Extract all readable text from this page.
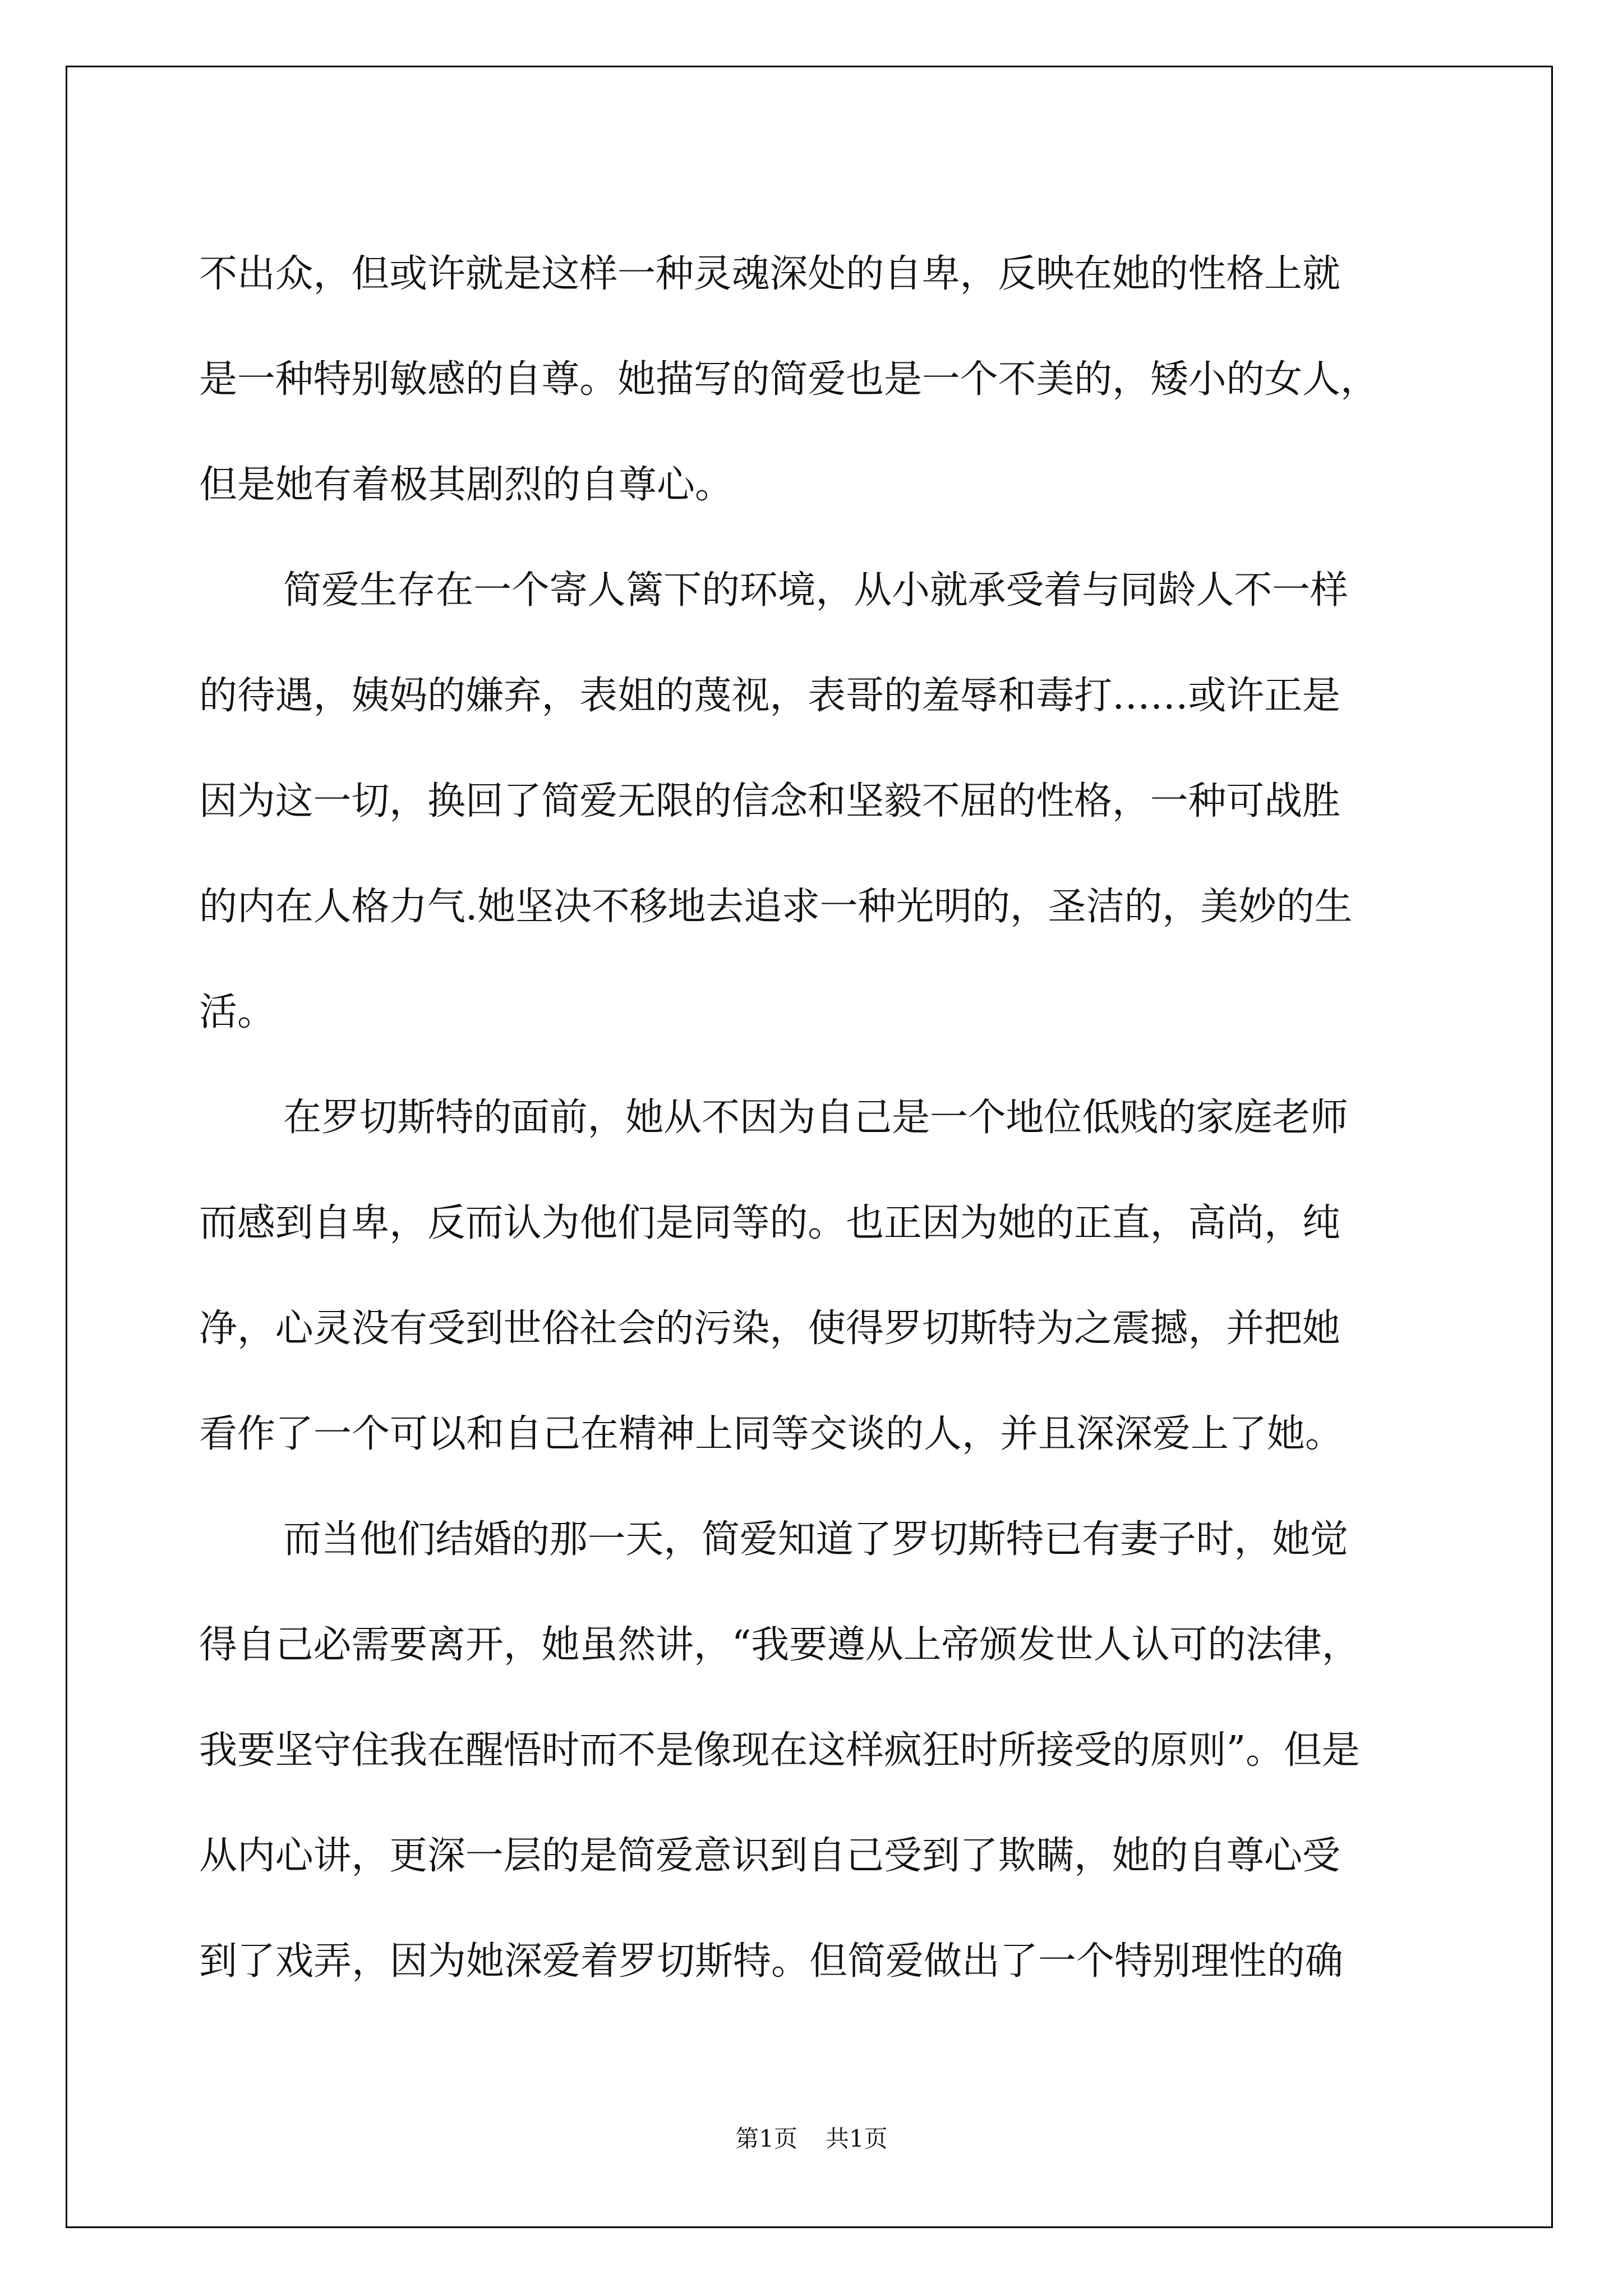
不出众，但或许就是这样一种灵魂深处的自卑，反映在她的性格上就
是一种特别敏感的自尊。她描写的简爱也是一个不美的，矮小的女人，
但是她有着极其剧烈的自尊心。
简爱生存在一个寄人篱下的环境，从小就承受着与同龄人不一样
的待遇，姨妈的嫌弃，表姐的蔑视，表哥的羞辱和毒打……或许正是
因为这一切，换回了简爱无限的信念和坚毅不屈的性格，一种可战胜
的内在人格力气.她坚决不移地去追求一种光明的，圣洁的，美妙的生
活。
在罗切斯特的面前，她从不因为自己是一个地位低贱的家庭老师
而感到自卑，反而认为他们是同等的。也正因为她的正直，高尚，纯
净，心灵没有受到世俗社会的污染，使得罗切斯特为之震撼，并把她
看作了一个可以和自己在精神上同等交谈的人，并且深深爱上了她。
而当他们结婚的那一天，简爱知道了罗切斯特已有妻子时，她觉
得自己必需要离开，她虽然讲，“我要遵从上帝颁发世人认可的法律，
我要坚守住我在醒悟时而不是像现在这样疯狂时所接受的原则”。但是
从内心讲，更深一层的是简爱意识到自己受到了欺瞒，她的自尊心受
到了戏弄，因为她深爱着罗切斯特。但简爱做出了一个特别理性的确
第1页 共1页
